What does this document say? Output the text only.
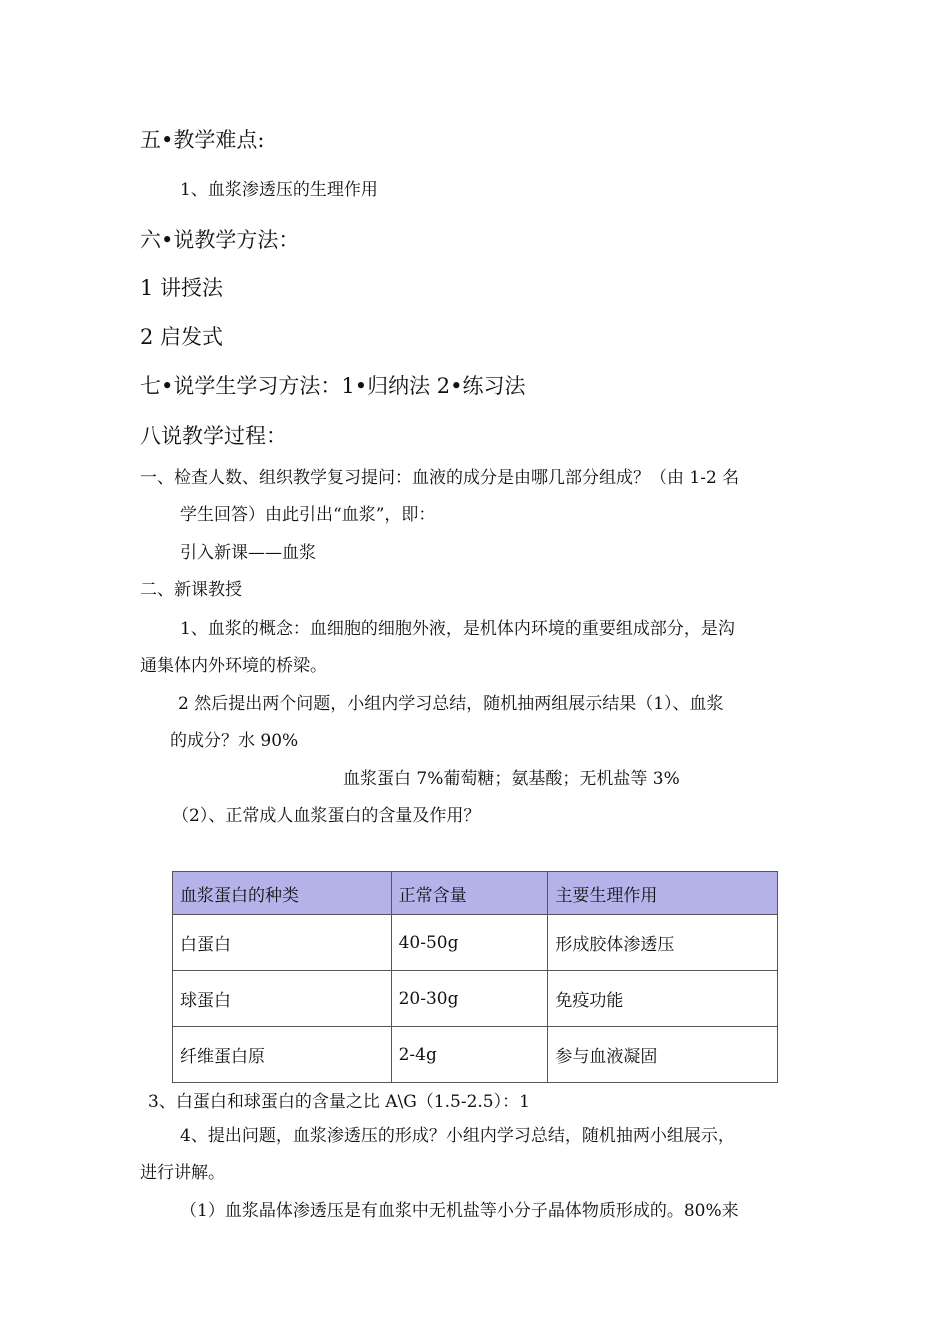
五•教学难点:

1、血浆渗透压的生理作用

六•说教学方法：

1 讲授法

2 启发式

七•说学生学习方法：1•归纳法 2•练习法

八说教学过程：

一、检查人数、组织教学复习提问：血液的成分是由哪几部分组成？（由 1-2 名

学生回答）由此引出“血浆”，即：

引入新课——血浆

二、新课教授

1、血浆的概念：血细胞的细胞外液，是机体内环境的重要组成部分，是沟

通集体内外环境的桥梁。

2 然后提出两个问题，小组内学习总结，随机抽两组展示结果（1）、血浆

的成分？水 90%

血浆蛋白 7%葡萄糖；氨基酸；无机盐等 3%

（2）、正常成人血浆蛋白的含量及作用？

血浆蛋白的种类	正常含量	主要生理作用
白蛋白	40-50g	形成胶体渗透压
球蛋白	20-30g	免疫功能
纤维蛋白原	2-4g	参与血液凝固

3、白蛋白和球蛋白的含量之比 A\G（1.5-2.5）：1

4、提出问题，血浆渗透压的形成？小组内学习总结，随机抽两小组展示，

进行讲解。

（1）血浆晶体渗透压是有血浆中无机盐等小分子晶体物质形成的。80%来
